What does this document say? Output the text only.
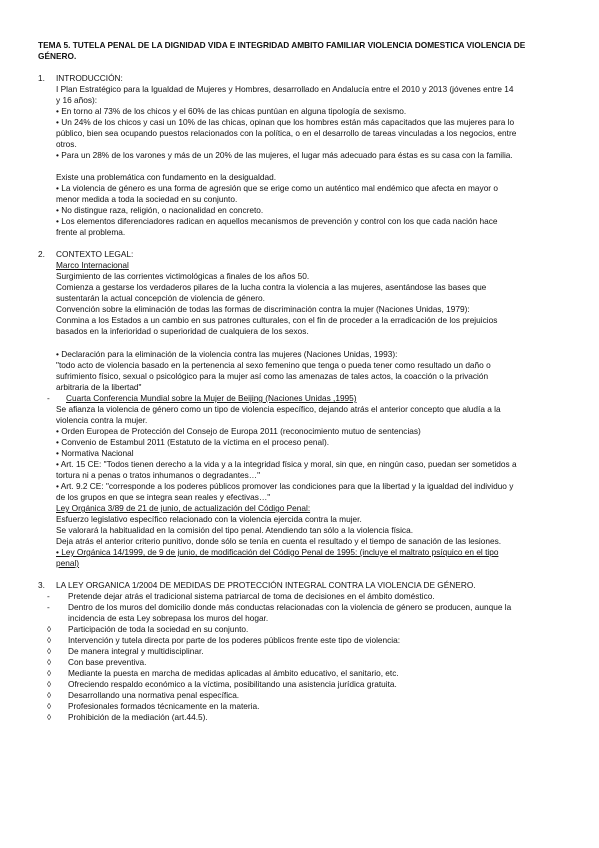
TEMA 5. TUTELA PENAL DE LA DIGNIDAD VIDA E INTEGRIDAD AMBITO FAMILIAR VIOLENCIA DOMESTICA VIOLENCIA DE
GÉNERO.
1. INTRODUCCIÓN:
I Plan Estratégico para la Igualdad de Mujeres y Hombres, desarrollado en Andalucía entre el 2010 y 2013 (jóvenes entre 14
y 16 años):
• En torno al 73% de los chicos y el 60% de las chicas puntúan en alguna tipología de sexismo.
• Un 24% de los chicos y casi un 10% de las chicas, opinan que los hombres están más capacitados que las mujeres para lo
público, bien sea ocupando puestos relacionados con la política, o en el desarrollo de tareas vinculadas a los negocios, entre
otros.
• Para un 28% de los varones y más de un 20% de las mujeres, el lugar más adecuado para éstas es su casa con la familia.
Existe una problemática con fundamento en la desigualdad.
• La violencia de género es una forma de agresión que se erige como un auténtico mal endémico que afecta en mayor o
menor medida a toda la sociedad en su conjunto.
• No distingue raza, religión, o nacionalidad en concreto.
• Los elementos diferenciadores radican en aquellos mecanismos de prevención y control con los que cada nación hace
frente al problema.
2. CONTEXTO LEGAL:
Marco Internacional
Surgimiento de las corrientes victimológicas a finales de los años 50.
Comienza a gestarse los verdaderos pilares de la lucha contra la violencia a las mujeres, asentándose las bases que
sustentarán la actual concepción de violencia de género.
Convención sobre la eliminación de todas las formas de discriminación contra la mujer (Naciones Unidas, 1979):
Conmina a los Estados a un cambio en sus patrones culturales, con el fin de proceder a la erradicación de los prejuicios
basados en la inferioridad o superioridad de cualquiera de los sexos.
• Declaración para la eliminación de la violencia contra las mujeres (Naciones Unidas, 1993):
"todo acto de violencia basado en la pertenencia al sexo femenino que tenga o pueda tener como resultado un daño o
sufrimiento físico, sexual o psicológico para la mujer así como las amenazas de tales actos, la coacción o la privación
arbitraria de la libertad"
- Cuarta Conferencia Mundial sobre la Mujer de Beijing (Naciones Unidas ,1995)
Se afianza la violencia de género como un tipo de violencia específico, dejando atrás el anterior concepto que aludía a la
violencia contra la mujer.
• Orden Europea de Protección del Consejo de Europa 2011 (reconocimiento mutuo de sentencias)
• Convenio de Estambul 2011 (Estatuto de la víctima en el proceso penal).
• Normativa Nacional
• Art. 15 CE: "Todos tienen derecho a la vida y a la integridad física y moral, sin que, en ningún caso, puedan ser sometidos a
tortura ni a penas o tratos inhumanos o degradantes…"
• Art. 9.2 CE: "corresponde a los poderes públicos promover las condiciones para que la libertad y la igualdad del individuo y
de los grupos en que se integra sean reales y efectivas…"
Ley Orgánica 3/89 de 21 de junio, de actualización del Código Penal:
Esfuerzo legislativo específico relacionado con la violencia ejercida contra la mujer.
Se valorará la habitualidad en la comisión del tipo penal. Atendiendo tan sólo a la violencia física.
Deja atrás el anterior criterio punitivo, donde sólo se tenía en cuenta el resultado y el tiempo de sanación de las lesiones.
• Ley Orgánica 14/1999, de 9 de junio, de modificación del Código Penal de 1995: (incluye el maltrato psíquico en el tipo
penal)
3. LA LEY ORGANICA 1/2004 DE MEDIDAS DE PROTECCIÓN INTEGRAL CONTRA LA VIOLENCIA DE GÉNERO.
- Pretende dejar atrás el tradicional sistema patriarcal de toma de decisiones en el ámbito doméstico.
- Dentro de los muros del domicilio donde más conductas relacionadas con la violencia de género se producen, aunque la
incidencia de esta Ley sobrepasa los muros del hogar.
◊ Participación de toda la sociedad en su conjunto.
◊ Intervención y tutela directa por parte de los poderes públicos frente este tipo de violencia:
◊ De manera integral y multidisciplinar.
◊ Con base preventiva.
◊ Mediante la puesta en marcha de medidas aplicadas al ámbito educativo, el sanitario, etc.
◊ Ofreciendo respaldo económico a la víctima, posibilitando una asistencia jurídica gratuita.
◊ Desarrollando una normativa penal específica.
◊ Profesionales formados técnicamente en la materia.
◊ Prohibición de la mediación (art.44.5).
